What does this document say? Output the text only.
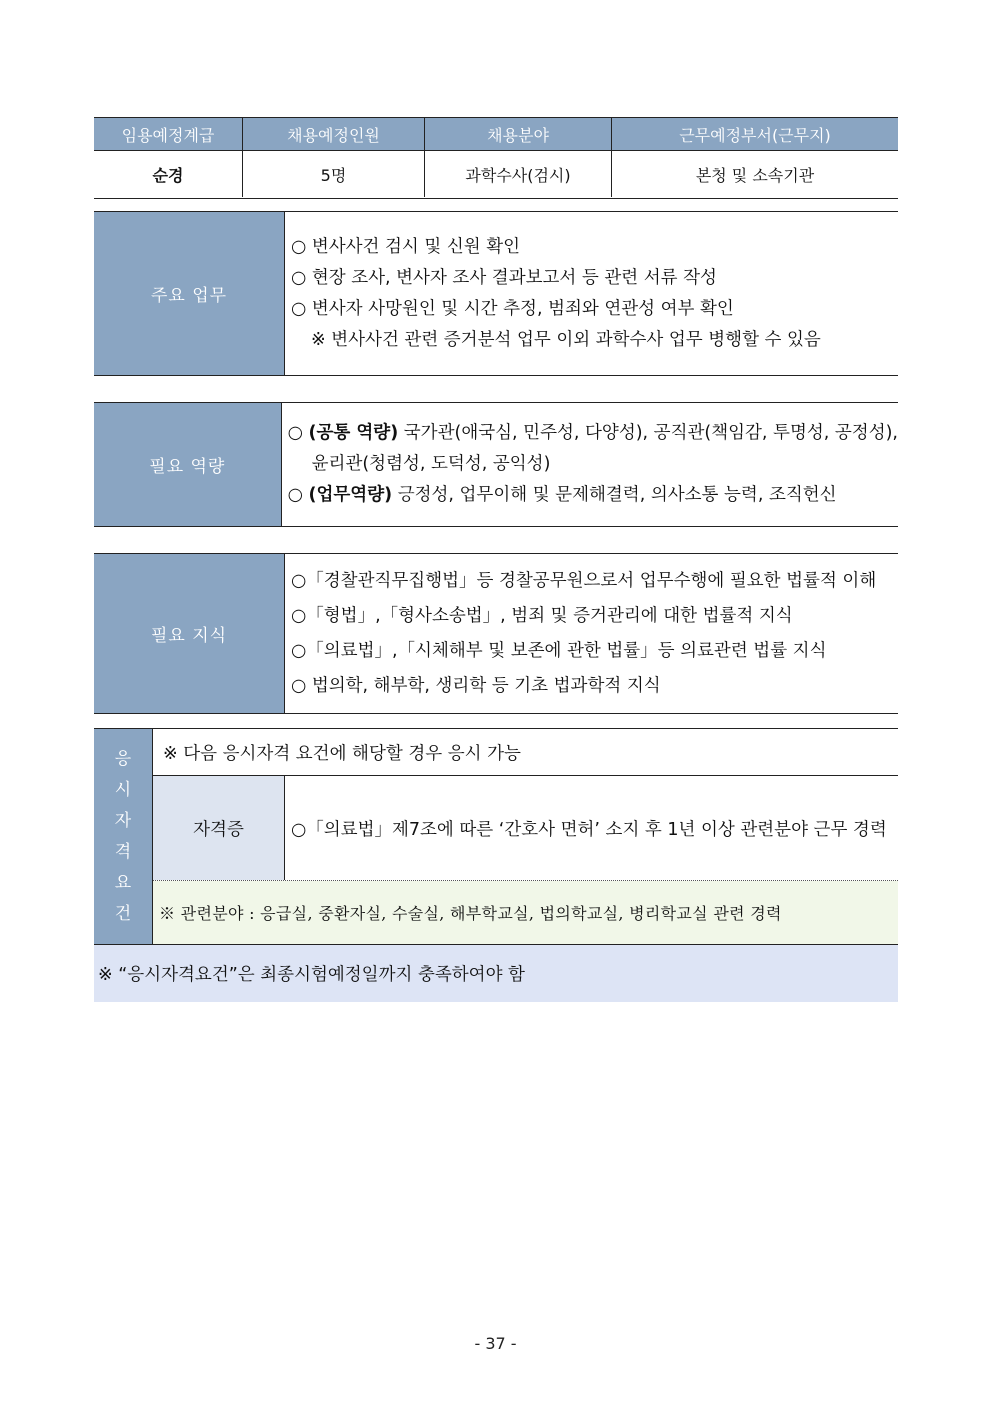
임용예정계급	채용예정인원	채용분야	근무예정부서(근무지)
순경	5명	과학수사(검시)	본청 및 소속기관
주요 업무
○ 변사사건 검시 및 신원 확인
○ 현장 조사, 변사자 조사 결과보고서 등 관련 서류 작성
○ 변사자 사망원인 및 시간 추정, 범죄와 연관성 여부 확인
※ 변사사건 관련 증거분석 업무 이외 과학수사 업무 병행할 수 있음
필요 역량
○ (공통 역량) 국가관(애국심, 민주성, 다양성), 공직관(책임감, 투명성, 공정성),
윤리관(청렴성, 도덕성, 공익성)
○ (업무역량) 긍정성, 업무이해 및 문제해결력, 의사소통 능력, 조직헌신
필요 지식
○「경찰관직무집행법」등 경찰공무원으로서 업무수행에 필요한 법률적 이해
○「형법」,「형사소송법」, 범죄 및 증거관리에 대한 법률적 지식
○「의료법」,「시체해부 및 보존에 관한 법률」등 의료관련 법률 지식
○ 법의학, 해부학, 생리학 등 기초 법과학적 지식
응
시
자
격
요
건
※ 다음 응시자격 요건에 해당할 경우 응시 가능
자격증	○「의료법」제7조에 따른 ‘간호사 면허’ 소지 후 1년 이상 관련분야 근무 경력
※ 관련분야 : 응급실, 중환자실, 수술실, 해부학교실, 법의학교실, 병리학교실 관련 경력
※ “응시자격요건”은 최종시험예정일까지 충족하여야 함
- 37 -
